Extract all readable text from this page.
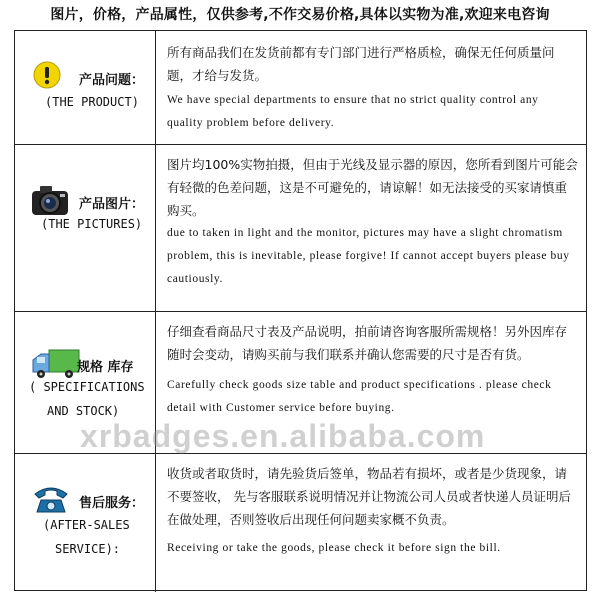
图片，价格，产品属性，仅供参考,不作交易价格,具体以实物为准,欢迎来电咨询
产品问题：
(THE PRODUCT)

所有商品我们在发货前都有专门部门进行严格质检，确保无任何质量问题，才给与发货。

We have special departments to ensure that no strict quality control any quality problem before delivery.

产品图片：
(THE PICTURES)

图片均100%实物拍摄，但由于光线及显示器的原因，您所看到图片可能会有轻微的色差问题，这是不可避免的，请谅解！如无法接受的买家请慎重购买。

due to taken in light and the monitor, pictures may have a slight chromatism problem, this is inevitable, please forgive! If cannot accept buyers please buy cautiously.

规格 库存
( SPECIFICATIONS
AND STOCK)

仔细查看商品尺寸表及产品说明，拍前请咨询客服所需规格！另外因库存随时会变动，请购买前与我们联系并确认您需要的尺寸是否有货。

Carefully check goods size table and product specifications . please check detail with Customer service before buying.

售后服务：
(AFTER-SALES
SERVICE):

收货或者取货时，请先验货后签单，物品若有损坏，或者是少货现象，请不要签收， 先与客服联系说明情况并让物流公司人员或者快递人员证明后在做处理，否则签收后出现任何问题卖家概不负责。

Receiving or take the goods, please check it before sign the bill.

xrbadges.en.alibaba.com
